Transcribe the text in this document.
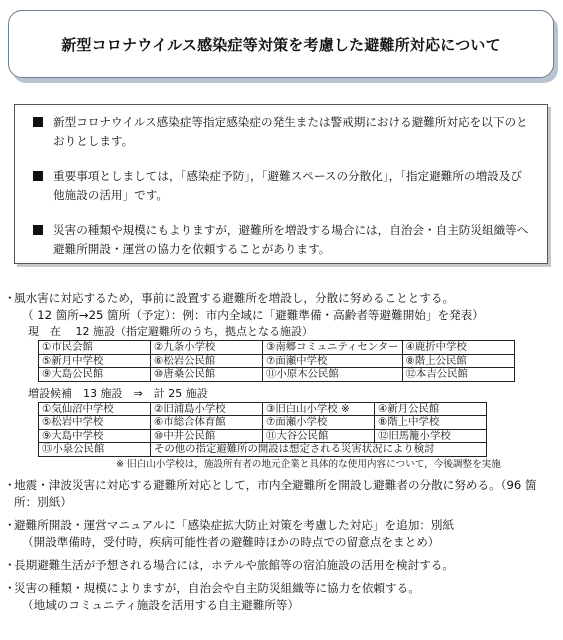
新型コロナウイルス感染症等対策を考慮した避難所対応について
新型コロナウイルス感染症等指定感染症の発生または警戒期における避難所対応を以下のとおりとします。
重要事項としましては，「感染症予防」，「避難スペースの分散化」，「指定避難所の増設及び他施設の活用」です。
災害の種類や規模にもよりますが，避難所を増設する場合には，自治会・自主防災組織等へ避難所開設・運営の協力を依頼することがあります。
・
風水害に対応するため，事前に設置する避難所を増設し，分散に努めることとする。
（ 12 箇所→25 箇所（予定）：例：市内全域に「避難準備・高齢者等避難開始」を発表）
現　在　 12 施設（指定避難所のうち，拠点となる施設）
①市民会館	②九条小学校	③南郷コミュニティセンター	④鹿折中学校
⑤新月中学校	⑥松岩公民館	⑦面瀬中学校	⑧階上公民館
⑨大島公民館	⑩唐桑公民館	⑪小原木公民館	⑫本吉公民館
増設候補　13 施設　⇒　計 25 施設
①気仙沼中学校	②旧浦島小学校	③旧白山小学校 ※	④新月公民館
⑤松岩中学校	⑥市総合体育館	⑦面瀬小学校	⑧階上中学校
⑨大島中学校	⑩中井公民館	⑪大谷公民館	⑫旧馬籠小学校
⑬小泉公民館	その他の指定避難所の開設は想定される災害状況により検討		
※ 旧白山小学校は，施設所有者の地元企業と具体的な使用内容について，今後調整を実施
・
地震・津波災害に対応する避難所対応として，市内全避難所を開設し避難者の分散に努める。（96 箇所：別紙）
・
避難所開設・運営マニュアルに「感染症拡大防止対策を考慮した対応」を追加：別紙
（開設準備時，受付時，疾病可能性者の避難時ほかの時点での留意点をまとめ）
・
長期避難生活が予想される場合には，ホテルや旅館等の宿泊施設の活用を検討する。
・
災害の種類・規模によりますが，自治会や自主防災組織等に協力を依頼する。
（地域のコミュニティ施設を活用する自主避難所等）
